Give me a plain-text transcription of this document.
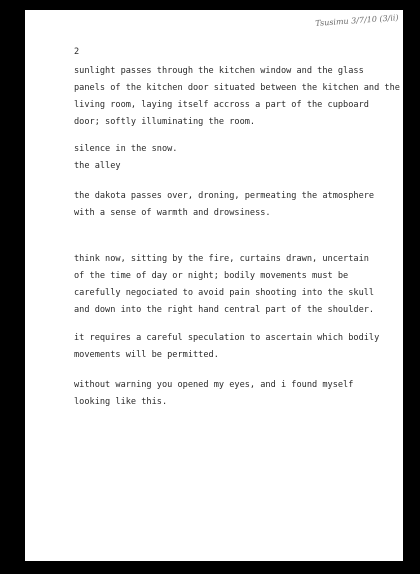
Tsusimu 3/7/10 (3/ii)
2
sunlight passes through the kitchen window and the glass
panels of the kitchen door situated between the kitchen and the
living room, laying itself accross a part of the cupboard
door; softly illuminating the room.
silence in the snow.
the alley
the dakota passes over, droning, permeating the atmosphere
with a sense of warmth and drowsiness.
think now, sitting by the fire, curtains drawn, uncertain
of the time of day or night; bodily movements must be
carefully negociated to avoid pain shooting into the skull
and down into the right hand central part of the shoulder.
it requires a careful speculation to ascertain which bodily
movements will be permitted.
without warning you opened my eyes, and i found myself
looking like this.
